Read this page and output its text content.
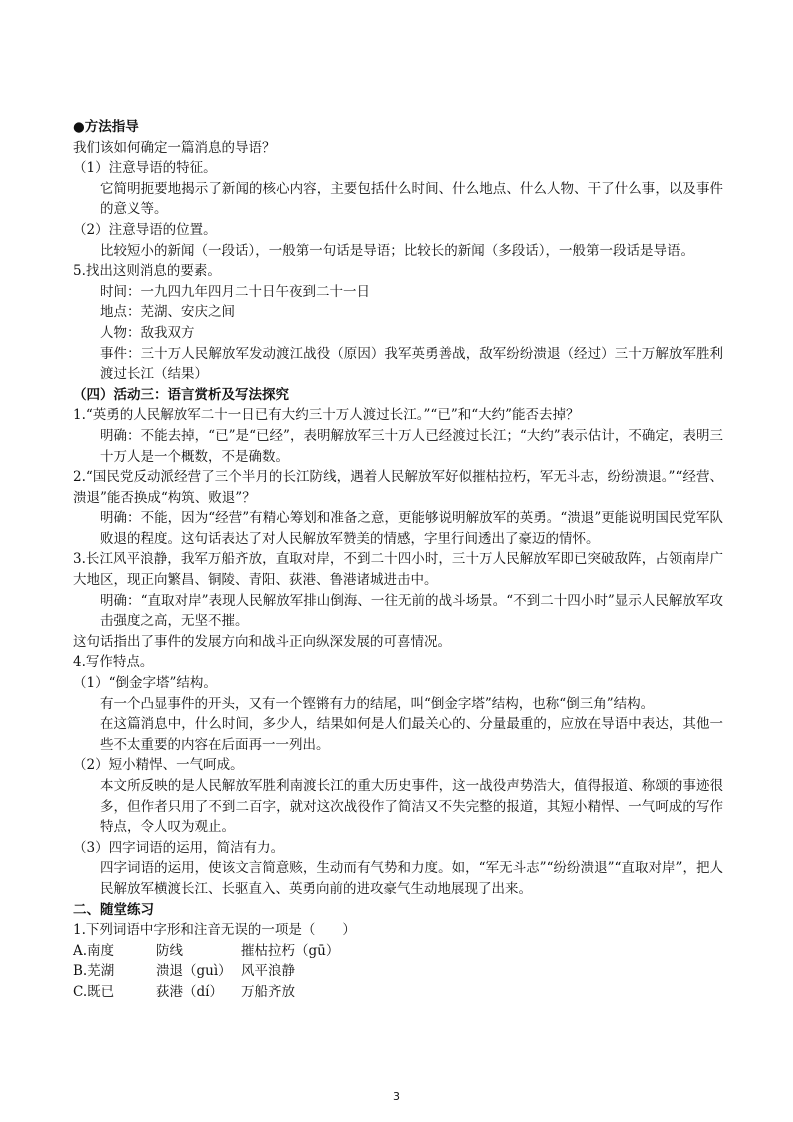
●方法指导
我们该如何确定一篇消息的导语？
（1）注意导语的特征。
它简明扼要地揭示了新闻的核心内容，主要包括什么时间、什么地点、什么人物、干了什么事，以及事件的意义等。
（2）注意导语的位置。
比较短小的新闻（一段话），一般第一句话是导语；比较长的新闻（多段话），一般第一段话是导语。
5.找出这则消息的要素。
时间：一九四九年四月二十日午夜到二十一日
地点：芜湖、安庆之间
人物：敌我双方
事件：三十万人民解放军发动渡江战役（原因）我军英勇善战，敌军纷纷溃退（经过）三十万解放军胜利渡过长江（结果）
（四）活动三：语言赏析及写法探究
1.“英勇的人民解放军二十一日已有大约三十万人渡过长江。”“已”和“大约”能否去掉？
明确：不能去掉，“已”是“已经”，表明解放军三十万人已经渡过长江；“大约”表示估计，不确定，表明三十万人是一个概数，不是确数。
2.“国民党反动派经营了三个半月的长江防线，遇着人民解放军好似摧枯拉朽，军无斗志，纷纷溃退。”“经营、溃退”能否换成“构筑、败退”？
明确：不能，因为“经营”有精心筹划和准备之意，更能够说明解放军的英勇。“溃退”更能说明国民党军队败退的程度。这句话表达了对人民解放军赞美的情感，字里行间透出了豪迈的情怀。
3.长江风平浪静，我军万船齐放，直取对岸，不到二十四小时，三十万人民解放军即已突破敌阵，占领南岸广大地区，现正向繁昌、铜陵、青阳、荻港、鲁港诸城进击中。
明确：“直取对岸”表现人民解放军排山倒海、一往无前的战斗场景。“不到二十四小时”显示人民解放军攻击强度之高，无坚不摧。
这句话指出了事件的发展方向和战斗正向纵深发展的可喜情况。
4.写作特点。
（1）“倒金字塔”结构。
有一个凸显事件的开头，又有一个铿锵有力的结尾，叫“倒金字塔”结构，也称“倒三角”结构。
在这篇消息中，什么时间，多少人，结果如何是人们最关心的、分量最重的，应放在导语中表达，其他一些不太重要的内容在后面再一一列出。
（2）短小精悍、一气呵成。
本文所反映的是人民解放军胜利南渡长江的重大历史事件，这一战役声势浩大，值得报道、称颂的事迹很多，但作者只用了不到二百字，就对这次战役作了简洁又不失完整的报道，其短小精悍、一气呵成的写作特点，令人叹为观止。
（3）四字词语的运用，简洁有力。
四字词语的运用，使该文言简意赅，生动而有气势和力度。如，“军无斗志”“纷纷溃退”“直取对岸”，把人民解放军横渡长江、长驱直入、英勇向前的进攻豪气生动地展现了出来。
二、随堂练习
1.下列词语中字形和注音无误的一项是（　　）
A.南度	防线	摧枯拉朽（gū）
B.芜湖	溃退（guì） 风平浪静
C.既已	荻港（dí）	万船齐放
3
